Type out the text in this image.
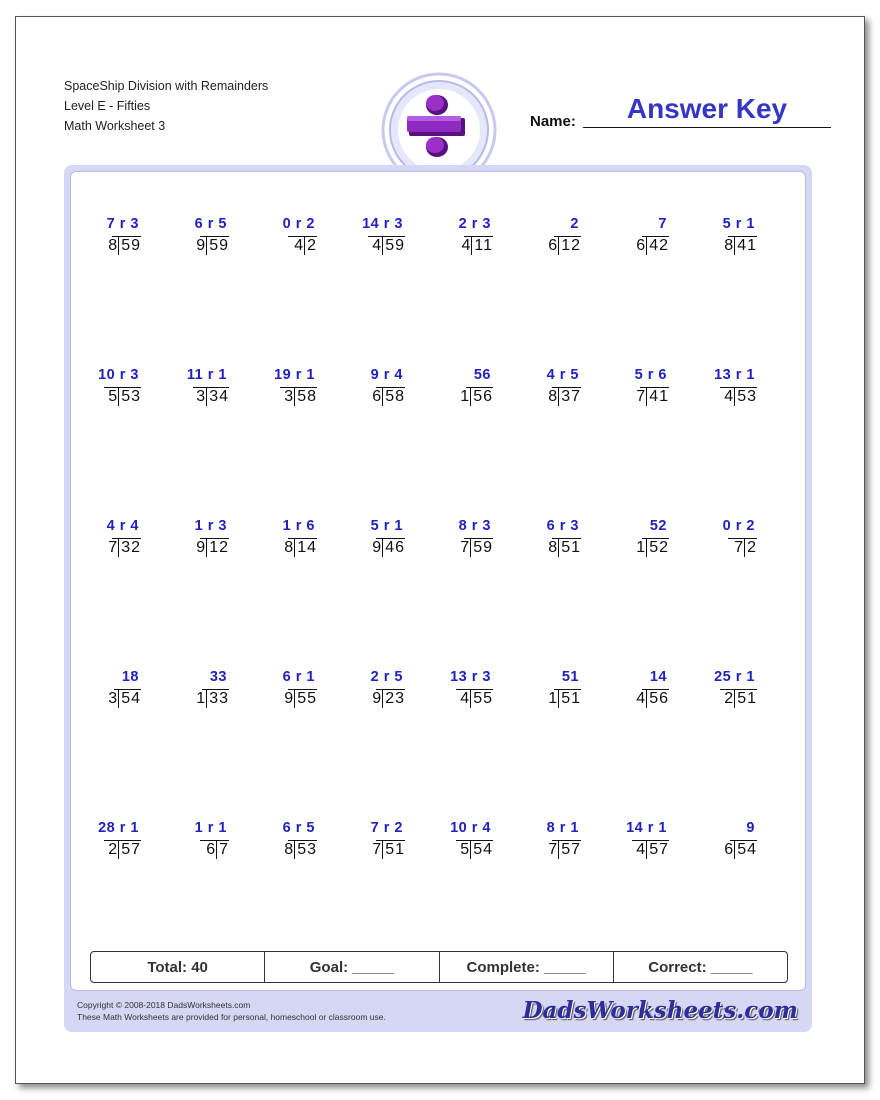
SpaceShip Division with Remainders
Level E - Fifties
Math Worksheet 3	Name:	Answer Key
7 r 3
8 59
6 r 5
9 59
0 r 2
4 2
14 r 3
4 59
2 r 3
4 11
2
6 12
7
6 42
5 r 1
8 41
10 r 3
5 53
11 r 1
3 34
19 r 1
3 58
9 r 4
6 58
56
1 56
4 r 5
8 37
5 r 6
7 41
13 r 1
4 53
4 r 4
7 32
1 r 3
9 12
1 r 6
8 14
5 r 1
9 46
8 r 3
7 59
6 r 3
8 51
52
1 52
0 r 2
7 2
18
3 54
33
1 33
6 r 1
9 55
2 r 5
9 23
13 r 3
4 55
51
1 51
14
4 56
25 r 1
2 51
28 r 1
2 57
1 r 1
6 7
6 r 5
8 53
7 r 2
7 51
10 r 4
5 54
8 r 1
7 57
14 r 1
4 57
9
6 54
Total: 40	Goal: _____	Complete: _____	Correct: _____
Copyright © 2008-2018 DadsWorksheets.com
These Math Worksheets are provided for personal, homeschool or classroom use.	DadsWorksheets.com
